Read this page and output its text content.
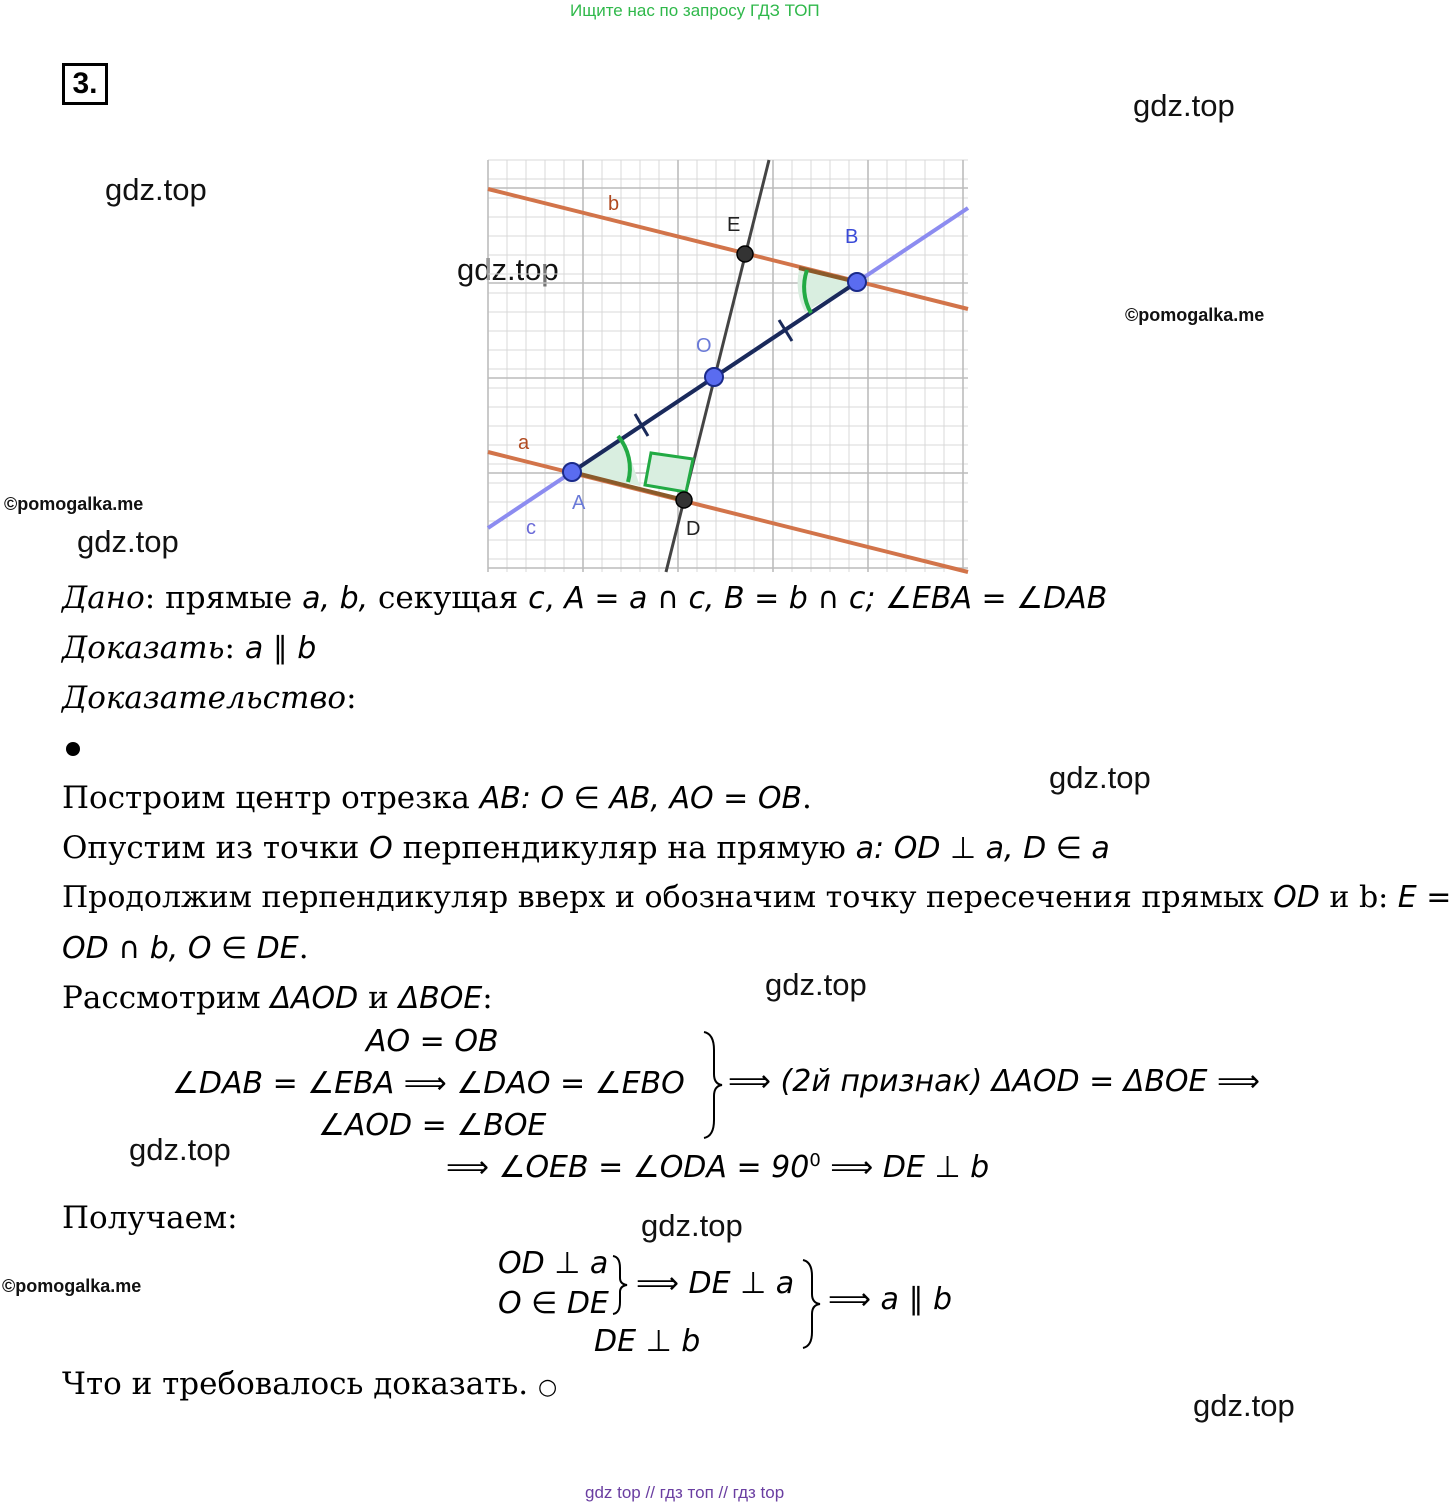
Ищите нас по запросу ГДЗ ТОП
3.
gdz.top
gdz.top
gdz.top
©pomogalka.me
©pomogalka.me
gdz.top
gdz.top
gdz.top
gdz.top
gdz.top
©pomogalka.me
gdz.top
b
a
c
E
B
O
A
D
Дано: прямые a, b, секущая c, A = a ∩ c, B = b ∩ c; ∠EBA = ∠DAB
Доказать: a ∥ b
Доказательство:
Построим центр отрезка AB: O ∈ AB, AO = OB.
Опустим из точки O перпендикуляр на прямую a: OD ⊥ a, D ∈ a
Продолжим перпендикуляр вверх и обозначим точку пересечения прямых OD и b: E =
OD ∩ b, O ∈ DE.
Рассмотрим ΔAOD и ΔBOE:
AO = OB
∠DAB = ∠EBA ⟹ ∠DAO = ∠EBO
∠AOD = ∠BOE
⟹ (2й признак) ΔAOD = ΔBOE ⟹
⟹ ∠OEB = ∠ODA = $90^0$ ⟹ DE ⊥ b
Получаем:
OD ⊥ a
O ∈ DE
⟹ DE ⊥ a
DE ⊥ b
⟹ a ∥ b
Что и требовалось доказать. ○
gdz top // гдз топ // гдз top
